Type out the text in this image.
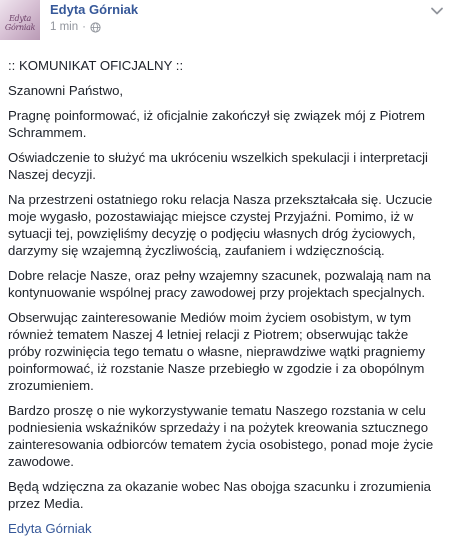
Edyta Górniak
Edyta Górniak
1 min ·

:: KOMUNIKAT OFICJALNY ::

Szanowni Państwo,

Pragnę poinformować, iż oficjalnie zakończył się związek mój z Piotrem Schrammem.

Oświadczenie to służyć ma ukróceniu wszelkich spekulacji i interpretacji Naszej decyzji.

Na przestrzeni ostatniego roku relacja Nasza przekształcała się. Uczucie moje wygasło, pozostawiając miejsce czystej Przyjaźni. Pomimo, iż w sytuacji tej, powzięliśmy decyzję o podjęciu własnych dróg życiowych, darzymy się wzajemną życzliwością, zaufaniem i wdzięcznością.

Dobre relacje Nasze, oraz pełny wzajemny szacunek, pozwalają nam na kontynuowanie wspólnej pracy zawodowej przy projektach specjalnych.

Obserwując zainteresowanie Mediów moim życiem osobistym, w tym również tematem Naszej 4 letniej relacji z Piotrem; obserwując także próby rozwinięcia tego tematu o własne, nieprawdziwe wątki pragniemy poinformować, iż rozstanie Nasze przebiegło w zgodzie i za obopólnym zrozumieniem.

Bardzo proszę o nie wykorzystywanie tematu Naszego rozstania w celu podniesienia wskaźników sprzedaży i na pożytek kreowania sztucznego zainteresowania odbiorców tematem życia osobistego, ponad moje życie zawodowe.

Będą wdzięczna za okazanie wobec Nas obojga szacunku i zrozumienia przez Media.

Edyta Górniak
